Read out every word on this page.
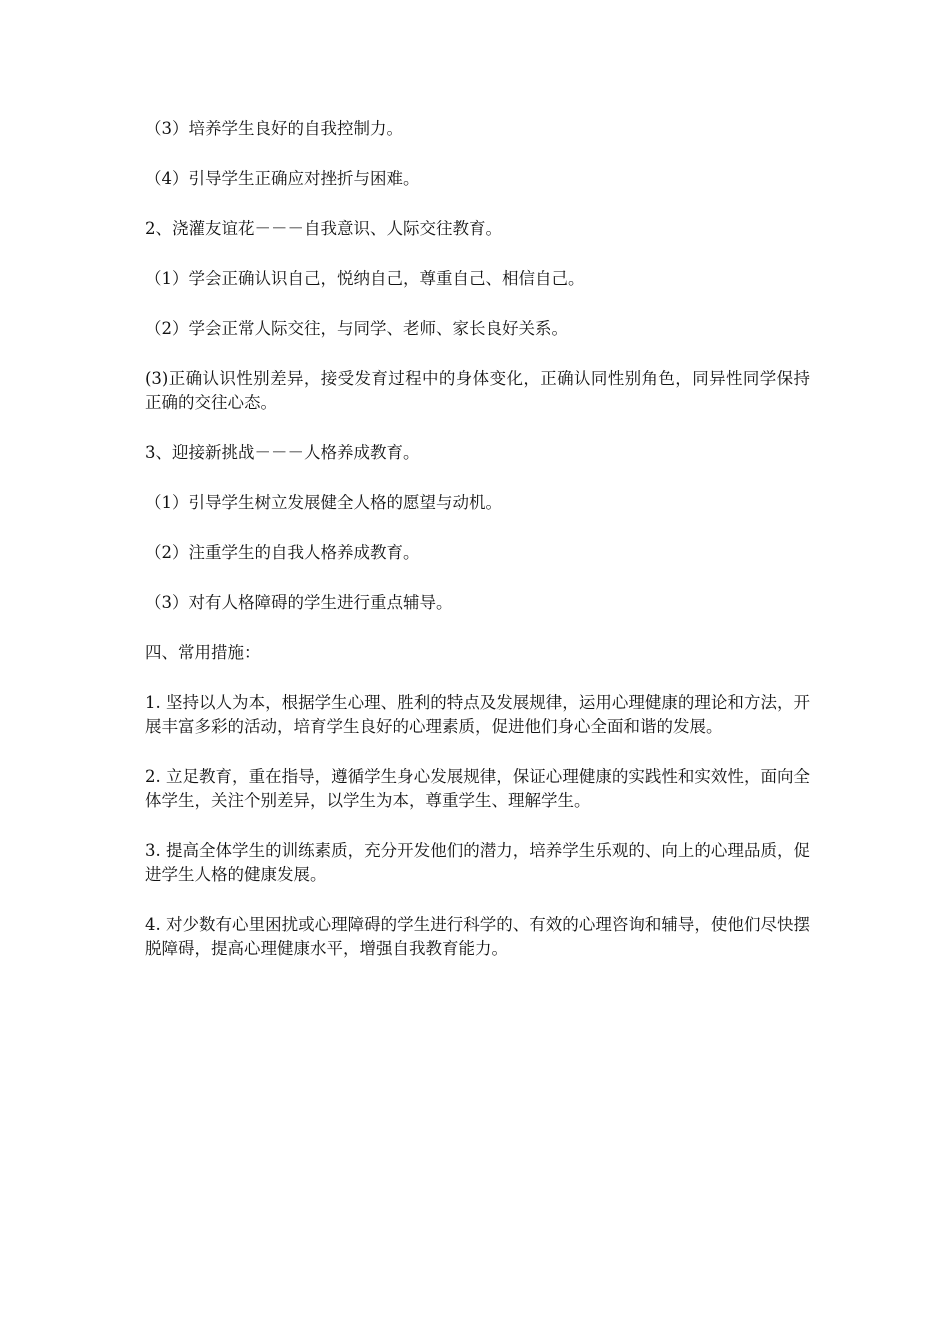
（3）培养学生良好的自我控制力。

（4）引导学生正确应对挫折与困难。

2、浇灌友谊花－－－自我意识、人际交往教育。

（1）学会正确认识自己，悦纳自己，尊重自己、相信自己。

（2）学会正常人际交往，与同学、老师、家长良好关系。

(3)正确认识性别差异，接受发育过程中的身体变化，正确认同性别角色，同异性同学保持正确的交往心态。

3、迎接新挑战－－－人格养成教育。

（1）引导学生树立发展健全人格的愿望与动机。

（2）注重学生的自我人格养成教育。

（3）对有人格障碍的学生进行重点辅导。

四、常用措施：

1. 坚持以人为本，根据学生心理、胜利的特点及发展规律，运用心理健康的理论和方法，开展丰富多彩的活动，培育学生良好的心理素质，促进他们身心全面和谐的发展。

2. 立足教育，重在指导，遵循学生身心发展规律，保证心理健康的实践性和实效性，面向全体学生，关注个别差异，以学生为本，尊重学生、理解学生。

3. 提高全体学生的训练素质，充分开发他们的潜力，培养学生乐观的、向上的心理品质，促进学生人格的健康发展。

4. 对少数有心里困扰或心理障碍的学生进行科学的、有效的心理咨询和辅导，使他们尽快摆脱障碍，提高心理健康水平，增强自我教育能力。
